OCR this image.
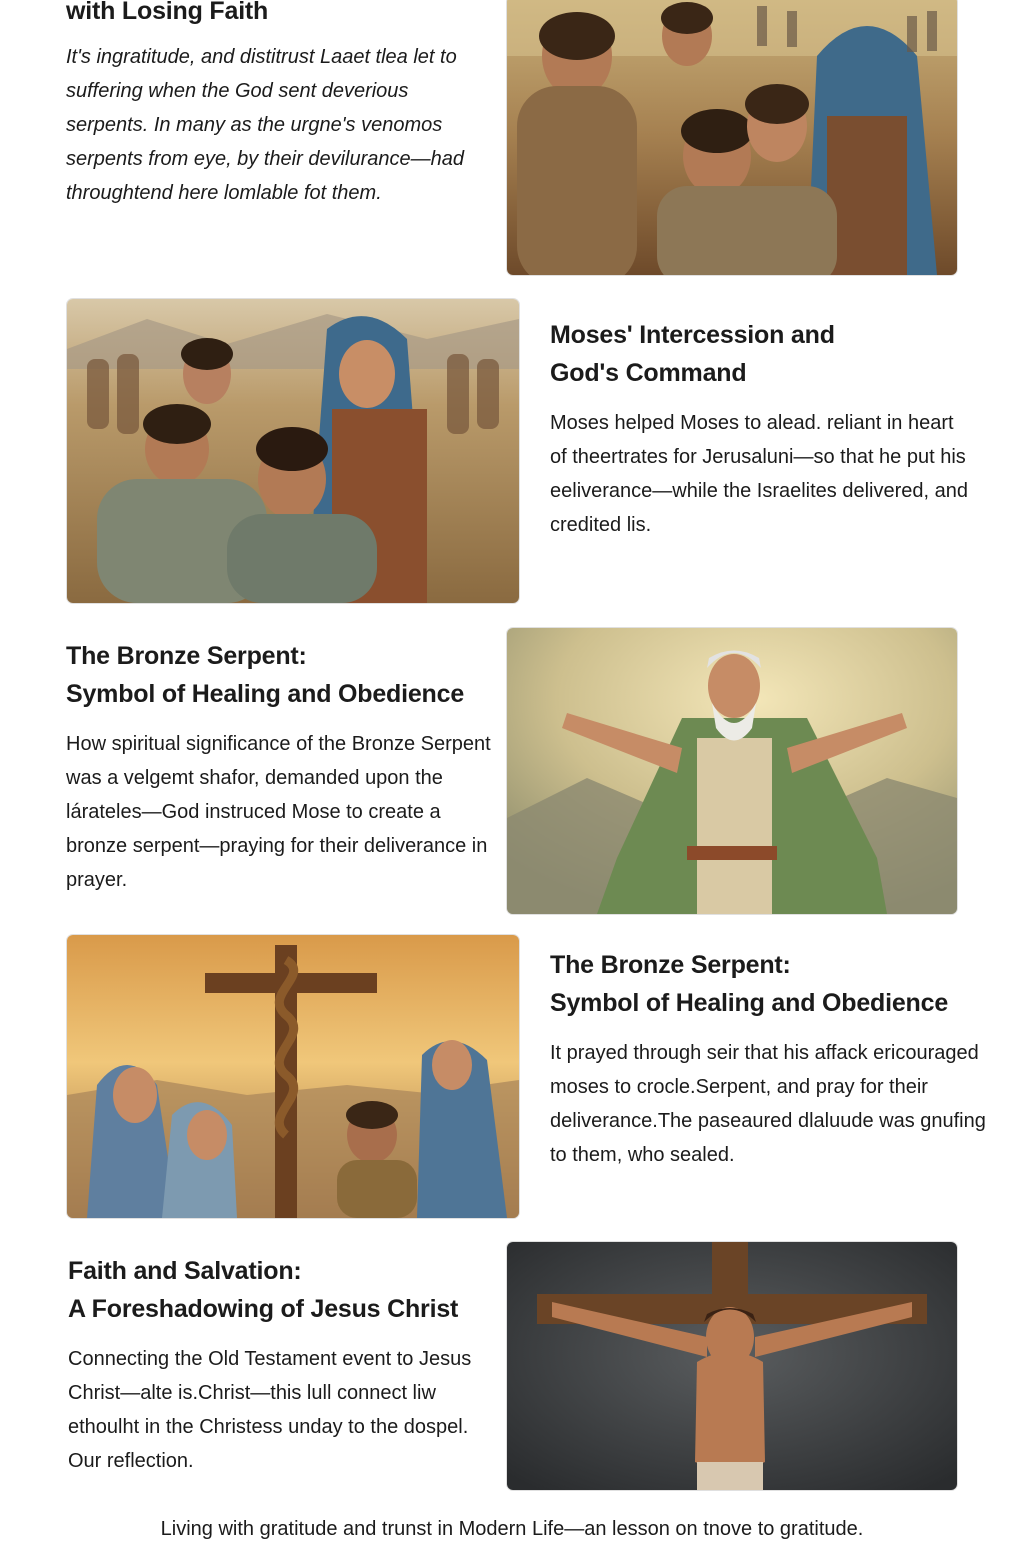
with Losing Faith

It's ingratitude, and distitrust Laaet tlea let to suffering when the God sent deverious serpents. In many as the urgne's venomos serpents from eye, by their devilurance—had throughtend here lomlable fot them.

Moses' Intercession and
God's Command

Moses helped Moses to alead. reliant in heart of theertrates for Jerusaluni—so that he put his eeliverance—while the Israelites delivered, and credited lis.

The Bronze Serpent:
Symbol of Healing and Obedience

How spiritual significance of the Bronze Serpent was a velgemt shafor, demanded upon the lárateles—God instruced Mose to create a bronze serpent—praying for their deliverance in prayer.

The Bronze Serpent:
Symbol of Healing and Obedience

It prayed through seir that his affack ericouraged moses to crocle.Serpent, and pray for their deliverance.The paseaured dlaluude was gnufing to them, who sealed.

Faith and Salvation:
A Foreshadowing of Jesus Christ

Connecting the Old Testament event to Jesus Christ—alte is.Christ—this lull connect liw ethoulht in the Christess unday to the dospel. Our reflection.

Living with gratitude and trunst in Modern Life—an lesson on tnove to gratitude.
